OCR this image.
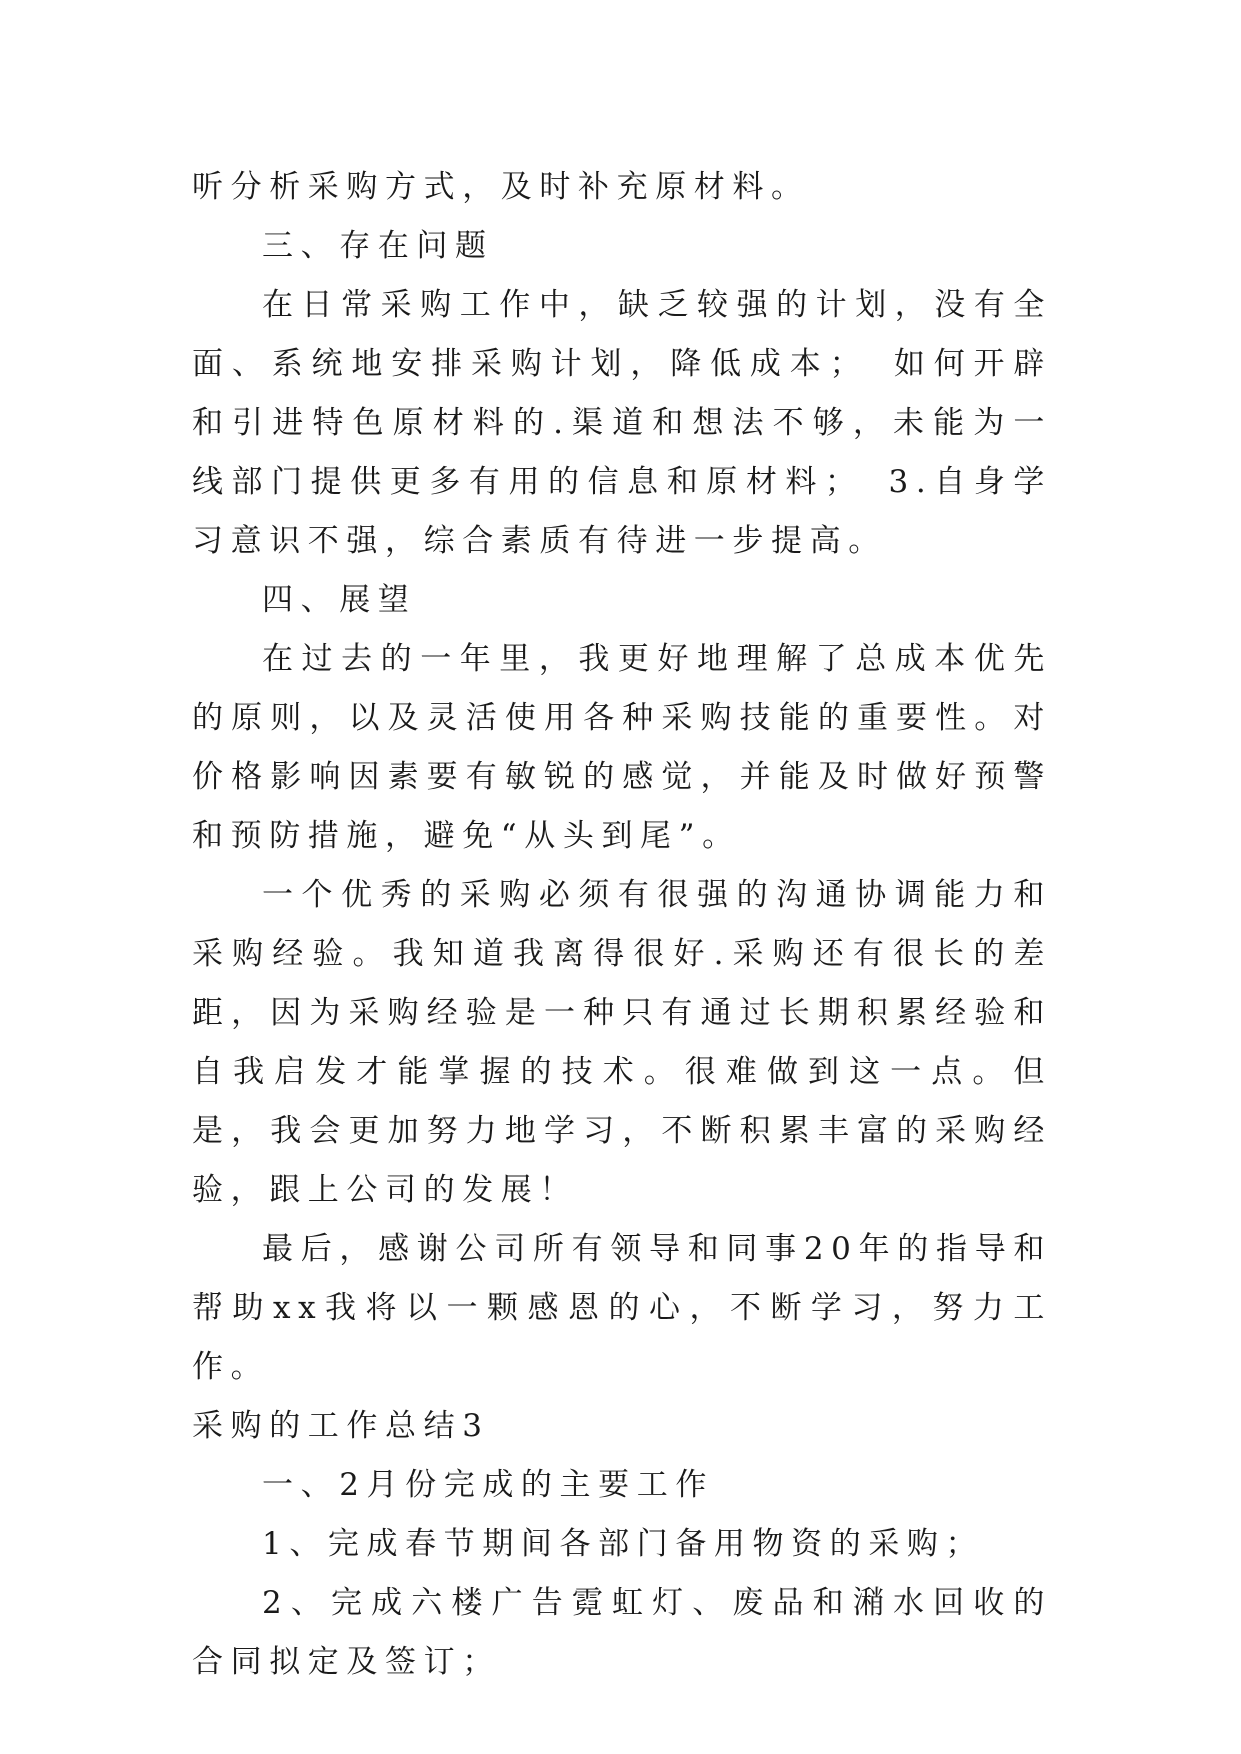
听分析采购方式，及时补充原材料。

三、存在问题

在日常采购工作中，缺乏较强的计划，没有全面、系统地安排采购计划，降低成本；　如何开辟和引进特色原材料的.渠道和想法不够，未能为一线部门提供更多有用的信息和原材料；　3.自身学习意识不强，综合素质有待进一步提高。

四、展望

在过去的一年里，我更好地理解了总成本优先的原则，以及灵活使用各种采购技能的重要性。对价格影响因素要有敏锐的感觉，并能及时做好预警和预防措施，避免“从头到尾”。

一个优秀的采购必须有很强的沟通协调能力和采购经验。我知道我离得很好.采购还有很长的差距，因为采购经验是一种只有通过长期积累经验和自我启发才能掌握的技术。很难做到这一点。但是，我会更加努力地学习，不断积累丰富的采购经验，跟上公司的发展！

最后，感谢公司所有领导和同事20年的指导和帮助xx我将以一颗感恩的心，不断学习，努力工作。

采购的工作总结3

一、2月份完成的主要工作

1、完成春节期间各部门备用物资的采购；

2、完成六楼广告霓虹灯、废品和潲水回收的合同拟定及签订；
